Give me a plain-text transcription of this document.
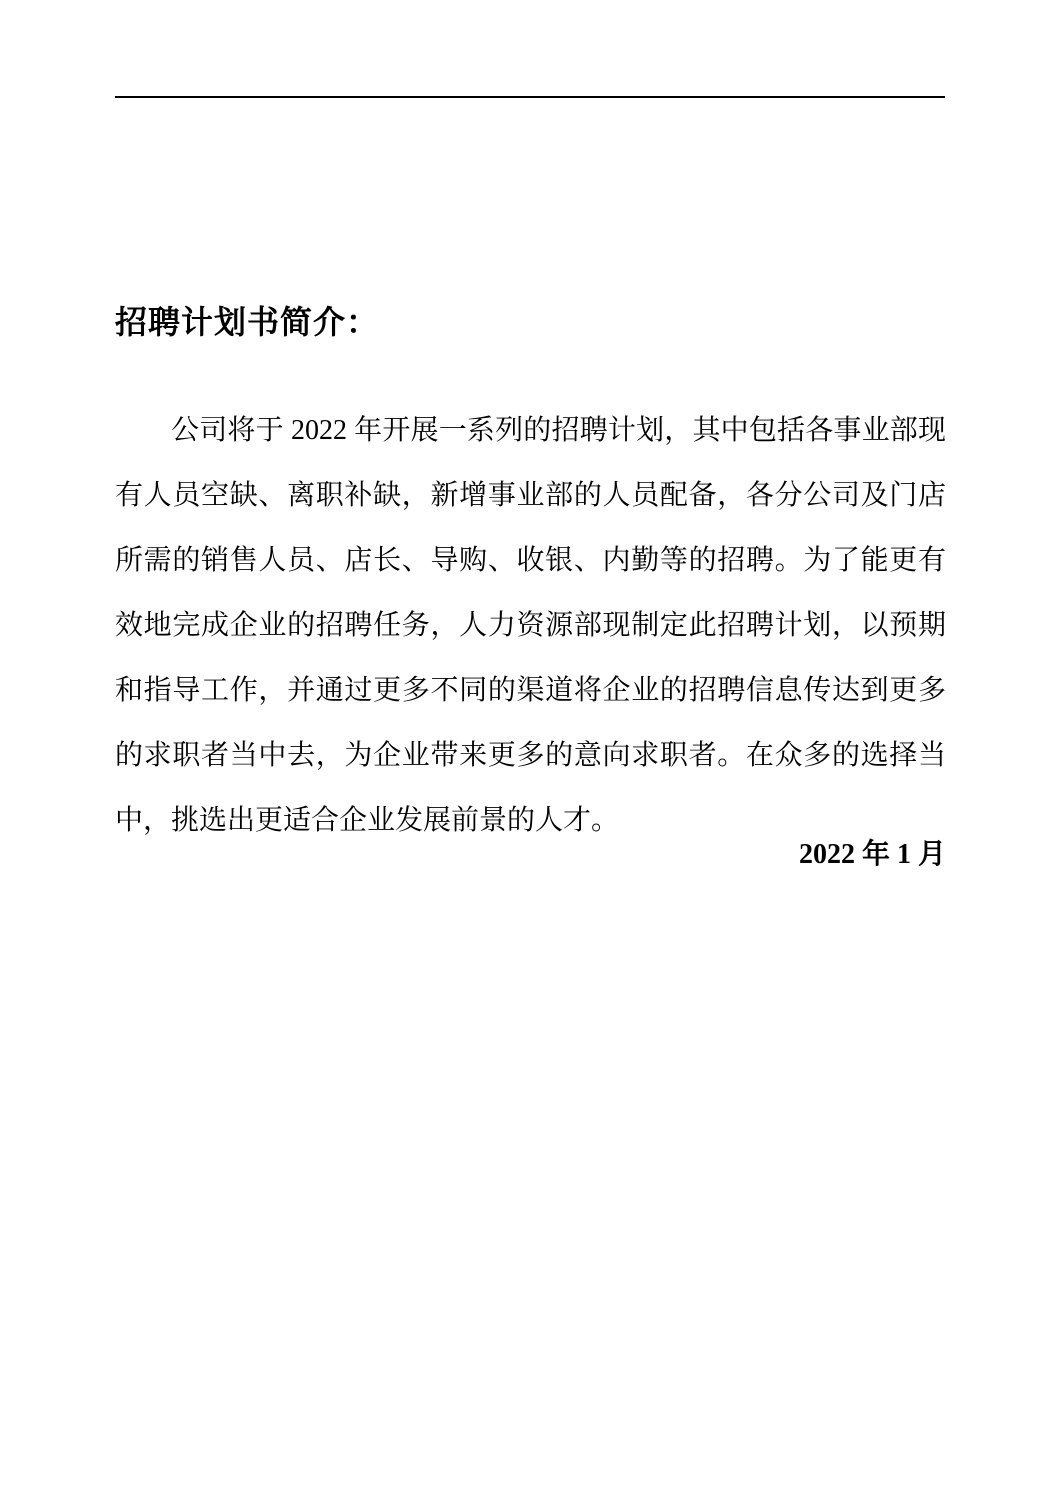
招聘计划书简介：

公司将于 2022 年开展一系列的招聘计划，其中包括各事业部现有人员空缺、离职补缺，新增事业部的人员配备，各分公司及门店所需的销售人员、店长、导购、收银、内勤等的招聘。为了能更有效地完成企业的招聘任务，人力资源部现制定此招聘计划，以预期和指导工作，并通过更多不同的渠道将企业的招聘信息传达到更多的求职者当中去，为企业带来更多的意向求职者。在众多的选择当中，挑选出更适合企业发展前景的人才。

2022 年 1 月
